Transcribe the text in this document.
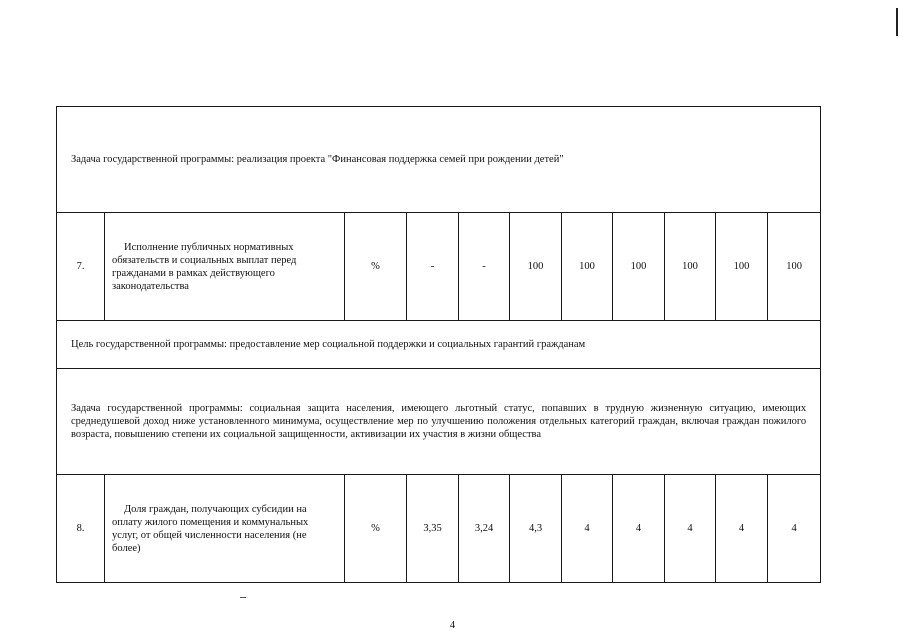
Задача государственной программы: реализация проекта "Финансовая поддержка семей при рождении детей"										
7.	Исполнение публичных нормативных обязательств и социальных выплат перед гражданами в рамках действующего законодательства	%	-	-	100	100	100	100	100	100
Цель государственной программы: предоставление мер социальной поддержки и социальных гарантий гражданам										
Задача государственной программы: социальная защита населения, имеющего льготный статус, попавших в трудную жизненную ситуацию, имеющих среднедушевой доход ниже установленного минимума, осуществление мер по улучшению положения отдельных категорий граждан, включая граждан пожилого возраста, повышению степени их социальной защищенности, активизации их участия в жизни общества										
8.	Доля граждан, получающих субсидии на оплату жилого помещения и коммунальных услуг, от общей численности населения (не более)	%	3,35	3,24	4,3	4	4	4	4	4
4
